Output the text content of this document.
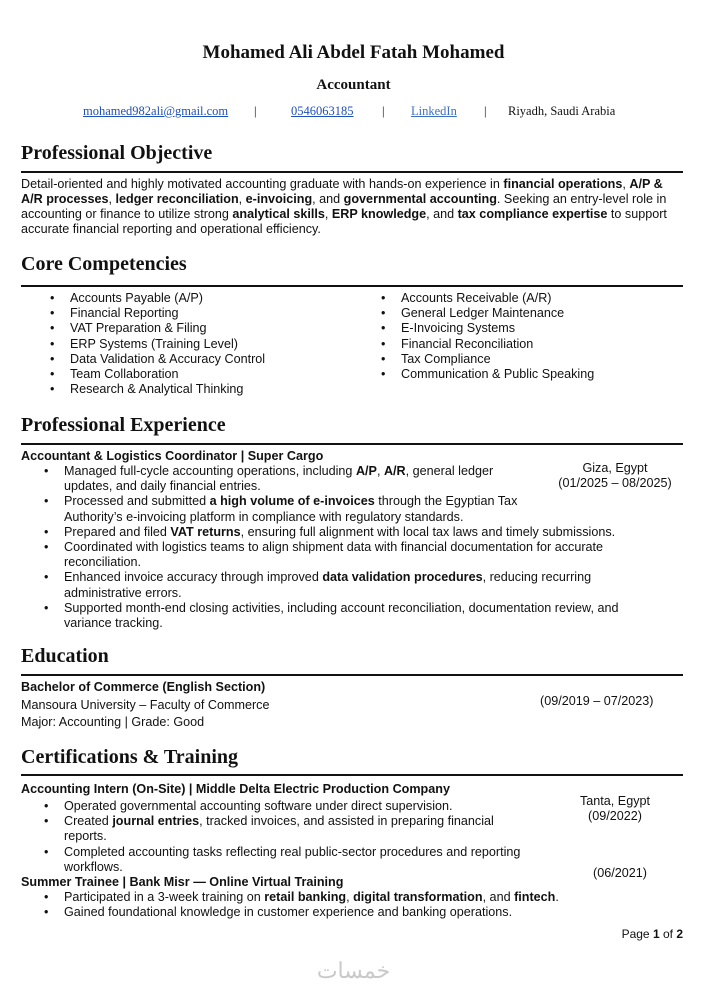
Mohamed Ali Abdel Fatah Mohamed
Accountant
mohamed982ali@gmail.com |	0546063185 | LinkedIn | Riyadh, Saudi Arabia
Professional Objective
Detail-oriented and highly motivated accounting graduate with hands-on experience in financial operations, A/P & A/R processes, ledger reconciliation, e-invoicing, and governmental accounting. Seeking an entry-level role in accounting or finance to utilize strong analytical skills, ERP knowledge, and tax compliance expertise to support accurate financial reporting and operational efficiency.
Core Competencies
• Accounts Payable (A/P)
• Financial Reporting
• VAT Preparation & Filing
• ERP Systems (Training Level)
• Data Validation & Accuracy Control
• Team Collaboration
• Research & Analytical Thinking
• Accounts Receivable (A/R)
• General Ledger Maintenance
• E-Invoicing Systems
• Financial Reconciliation
• Tax Compliance
• Communication & Public Speaking
Professional Experience
Accountant & Logistics Coordinator | Super Cargo
Giza, Egypt
(01/2025 – 08/2025)
• Managed full-cycle accounting operations, including A/P, A/R, general ledger updates, and daily financial entries.
• Processed and submitted a high volume of e-invoices through the Egyptian Tax Authority’s e-invoicing platform in compliance with regulatory standards.
• Prepared and filed VAT returns, ensuring full alignment with local tax laws and timely submissions.
• Coordinated with logistics teams to align shipment data with financial documentation for accurate reconciliation.
• Enhanced invoice accuracy through improved data validation procedures, reducing recurring administrative errors.
• Supported month-end closing activities, including account reconciliation, documentation review, and variance tracking.
Education
Bachelor of Commerce (English Section)
Mansoura University – Faculty of Commerce
Major: Accounting | Grade: Good
(09/2019 – 07/2023)
Certifications & Training
Accounting Intern (On-Site) | Middle Delta Electric Production Company
Tanta, Egypt
(09/2022)
• Operated governmental accounting software under direct supervision.
• Created journal entries, tracked invoices, and assisted in preparing financial reports.
• Completed accounting tasks reflecting real public-sector procedures and reporting workflows.
Summer Trainee | Bank Misr — Online Virtual Training
(06/2021)
• Participated in a 3-week training on retail banking, digital transformation, and fintech.
• Gained foundational knowledge in customer experience and banking operations.
Page 1 of 2
خمسات
